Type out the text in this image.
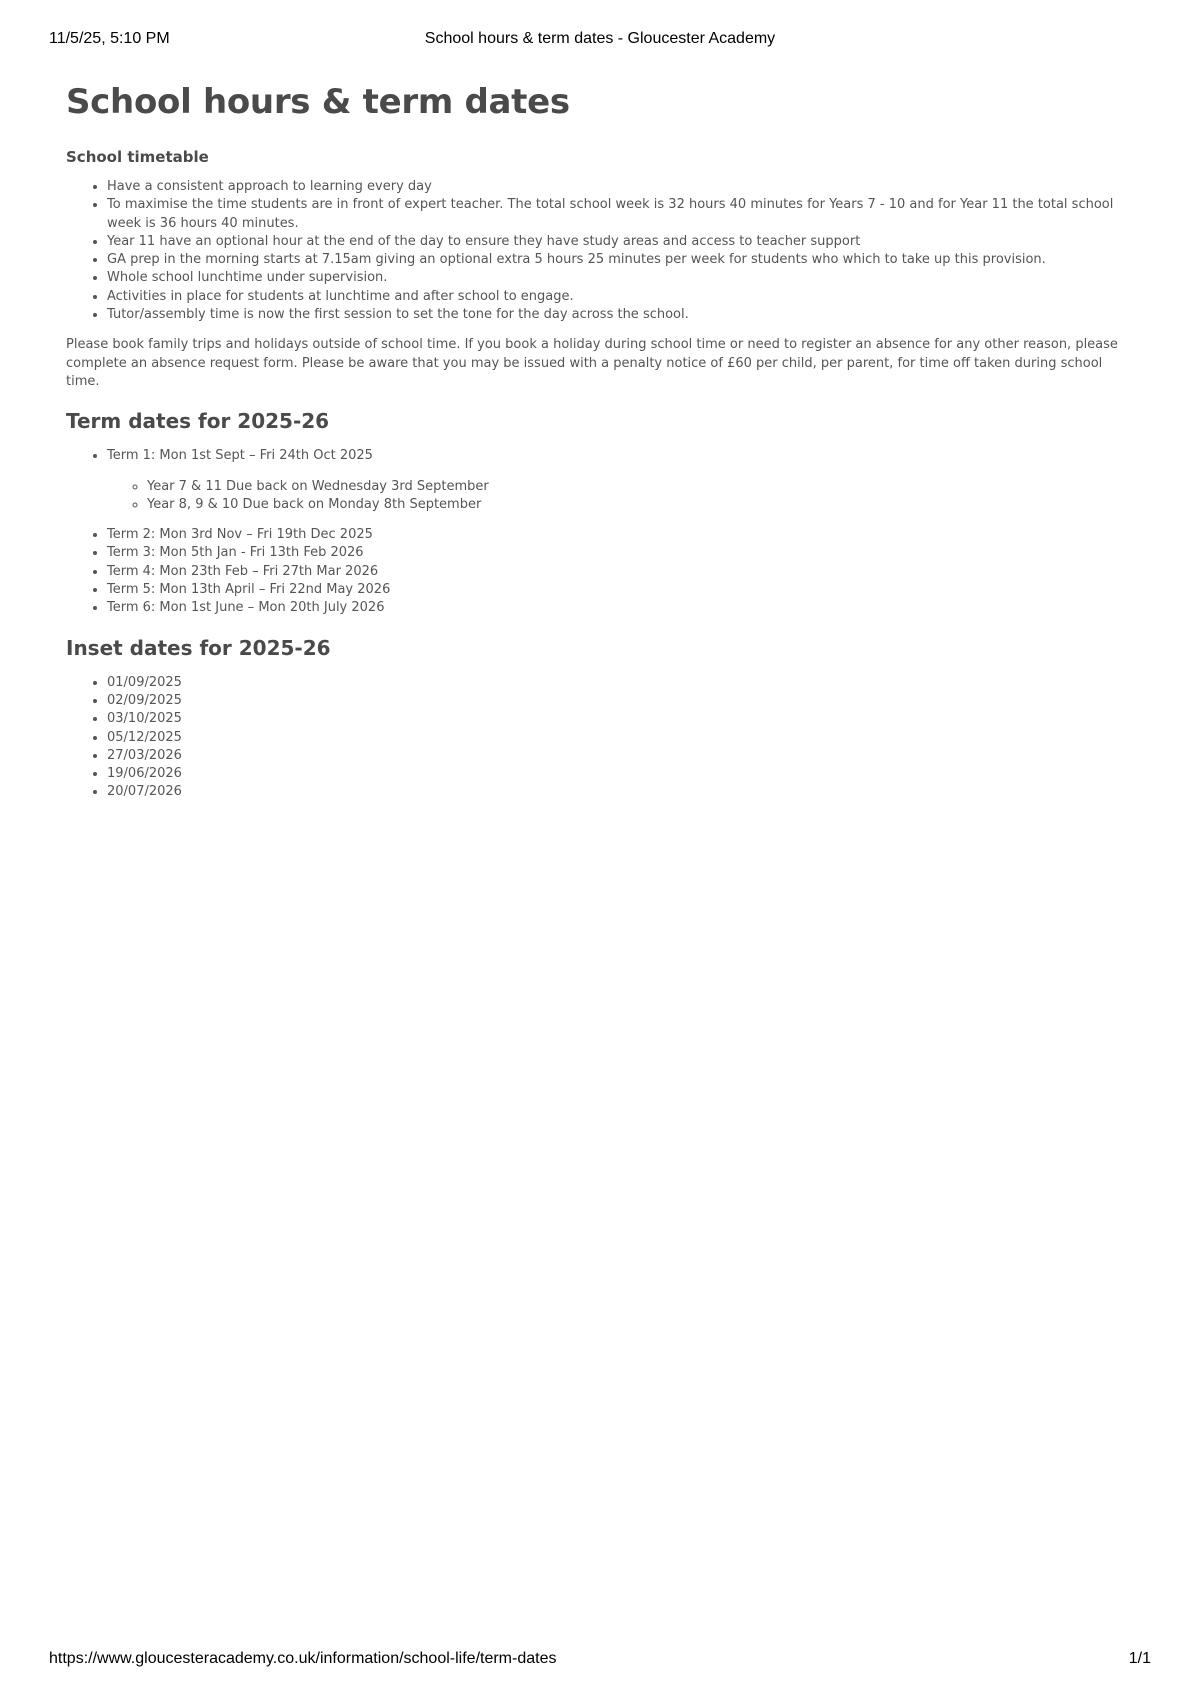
11/5/25, 5:10 PM	School hours & term dates - Gloucester Academy
School hours & term dates
School timetable
• Have a consistent approach to learning every day
• To maximise the time students are in front of expert teacher. The total school week is 32 hours 40 minutes for Years 7 - 10 and for Year 11 the total school week is 36 hours 40 minutes.
• Year 11 have an optional hour at the end of the day to ensure they have study areas and access to teacher support
• GA prep in the morning starts at 7.15am giving an optional extra 5 hours 25 minutes per week for students who which to take up this provision.
• Whole school lunchtime under supervision.
• Activities in place for students at lunchtime and after school to engage.
• Tutor/assembly time is now the first session to set the tone for the day across the school.

Please book family trips and holidays outside of school time. If you book a holiday during school time or need to register an absence for any other reason, please complete an absence request form. Please be aware that you may be issued with a penalty notice of £60 per child, per parent, for time off taken during school time.

Term dates for 2025-26
• Term 1: Mon 1st Sept – Fri 24th Oct 2025
◦ Year 7 & 11 Due back on Wednesday 3rd September
◦ Year 8, 9 & 10 Due back on Monday 8th September
• Term 2: Mon 3rd Nov – Fri 19th Dec 2025
• Term 3: Mon 5th Jan - Fri 13th Feb 2026
• Term 4: Mon 23th Feb – Fri 27th Mar 2026
• Term 5: Mon 13th April – Fri 22nd May 2026
• Term 6: Mon 1st June – Mon 20th July 2026
Inset dates for 2025-26
• 01/09/2025
• 02/09/2025
• 03/10/2025
• 05/12/2025
• 27/03/2026
• 19/06/2026
• 20/07/2026
https://www.gloucesteracademy.co.uk/information/school-life/term-dates	1/1
